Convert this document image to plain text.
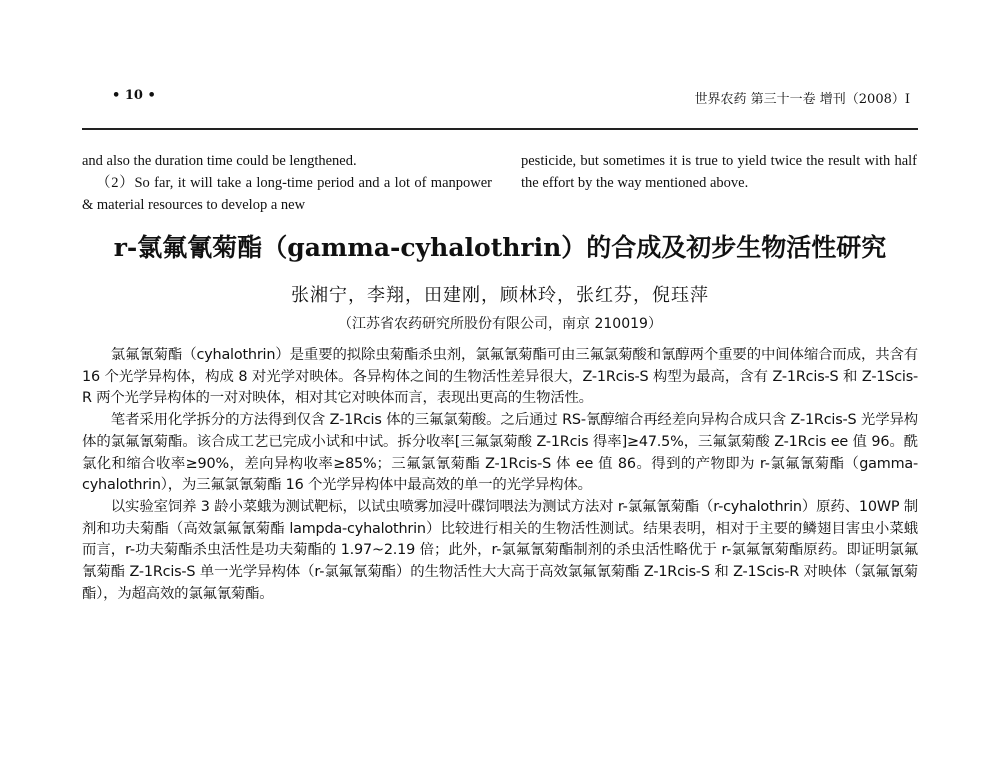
• 10 •	世界农药 第三十一卷 增刊（2008）Ⅰ

and also the duration time could be lengthened.

（2）So far, it will take a long-time period and a lot of manpower & material resources to develop a new

pesticide, but sometimes it is true to yield twice the result with half the effort by the way mentioned above.

r-氯氟氰菊酯（gamma-cyhalothrin）的合成及初步生物活性研究
张湘宁，李翔，田建刚，顾林玲，张红芬，倪珏萍
（江苏省农药研究所股份有限公司，南京 210019）

氯氟氰菊酯（cyhalothrin）是重要的拟除虫菊酯杀虫剂，氯氟氰菊酯可由三氟氯菊酸和氰醇两个重要的中间体缩合而成，共含有 16 个光学异构体，构成 8 对光学对映体。各异构体之间的生物活性差异很大，Z-1Rcis-S 构型为最高，含有 Z-1Rcis-S 和 Z-1Scis-R 两个光学异构体的一对对映体，相对其它对映体而言，表现出更高的生物活性。

笔者采用化学拆分的方法得到仅含 Z-1Rcis 体的三氟氯菊酸。之后通过 RS-氰醇缩合再经差向异构合成只含 Z-1Rcis-S 光学异构体的氯氟氰菊酯。该合成工艺已完成小试和中试。拆分收率[三氟氯菊酸 Z-1Rcis 得率]≥47.5%，三氟氯菊酸 Z-1Rcis ee 值 96。酰氯化和缩合收率≥90%，差向异构收率≥85%；三氟氯氰菊酯 Z-1Rcis-S 体 ee 值 86。得到的产物即为 r-氯氟氰菊酯（gamma-cyhalothrin），为三氟氯氰菊酯 16 个光学异构体中最高效的单一的光学异构体。

以实验室饲养 3 龄小菜蛾为测试靶标，以试虫喷雾加浸叶碟饲喂法为测试方法对 r-氯氟氰菊酯（r-cyhalothrin）原药、10WP 制剂和功夫菊酯（高效氯氟氰菊酯 lampda-cyhalothrin）比较进行相关的生物活性测试。结果表明，相对于主要的鳞翅目害虫小菜蛾而言，r-功夫菊酯杀虫活性是功夫菊酯的 1.97~2.19 倍；此外，r-氯氟氰菊酯制剂的杀虫活性略优于 r-氯氟氰菊酯原药。即证明氯氟氰菊酯 Z-1Rcis-S 单一光学异构体（r-氯氟氰菊酯）的生物活性大大高于高效氯氟氰菊酯 Z-1Rcis-S 和 Z-1Scis-R 对映体（氯氟氰菊酯），为超高效的氯氟氰菊酯。
